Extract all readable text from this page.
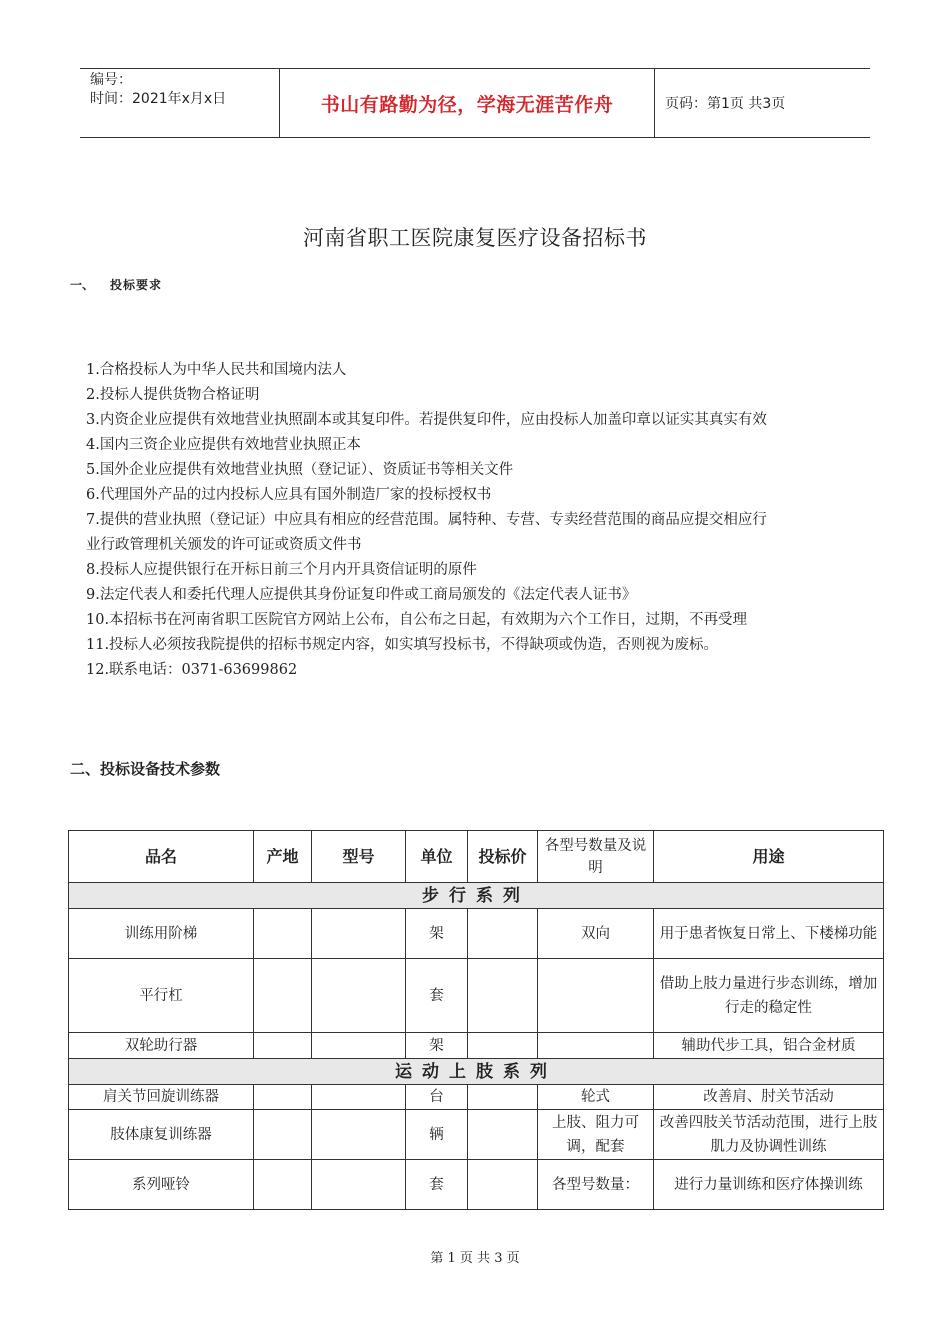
编号：
时间：2021年x月x日	书山有路勤为径，学海无涯苦作舟	页码：第1页 共3页
河南省职工医院康复医疗设备招标书
一、 投标要求
1.合格投标人为中华人民共和国境内法人
2.投标人提供货物合格证明
3.内资企业应提供有效地营业执照副本或其复印件。若提供复印件，应由投标人加盖印章以证实其真实有效
4.国内三资企业应提供有效地营业执照正本
5.国外企业应提供有效地营业执照（登记证）、资质证书等相关文件
6.代理国外产品的过内投标人应具有国外制造厂家的投标授权书
7.提供的营业执照（登记证）中应具有相应的经营范围。属特种、专营、专卖经营范围的商品应提交相应行
业行政管理机关颁发的许可证或资质文件书
8.投标人应提供银行在开标日前三个月内开具资信证明的原件
9.法定代表人和委托代理人应提供其身份证复印件或工商局颁发的《法定代表人证书》
10.本招标书在河南省职工医院官方网站上公布，自公布之日起，有效期为六个工作日，过期，不再受理
11.投标人必须按我院提供的招标书规定内容，如实填写投标书，不得缺项或伪造，否则视为废标。
12.联系电话：0371-63699862
二、投标设备技术参数
品名	产地	型号	单位	投标价	各型号数量及说明	用途
步行系列						
训练用阶梯			架		双向	用于患者恢复日常上、下楼梯功能
平行杠			套			借助上肢力量进行步态训练，增加行走的稳定性
双轮助行器			架			辅助代步工具，铝合金材质
运动上肢系列						
肩关节回旋训练器			台		轮式	改善肩、肘关节活动
肢体康复训练器			辆		上肢、阻力可调，配套	改善四肢关节活动范围，进行上肢肌力及协调性训练
系列哑铃			套		各型号数量：	进行力量训练和医疗体操训练
第 1 页 共 3 页
